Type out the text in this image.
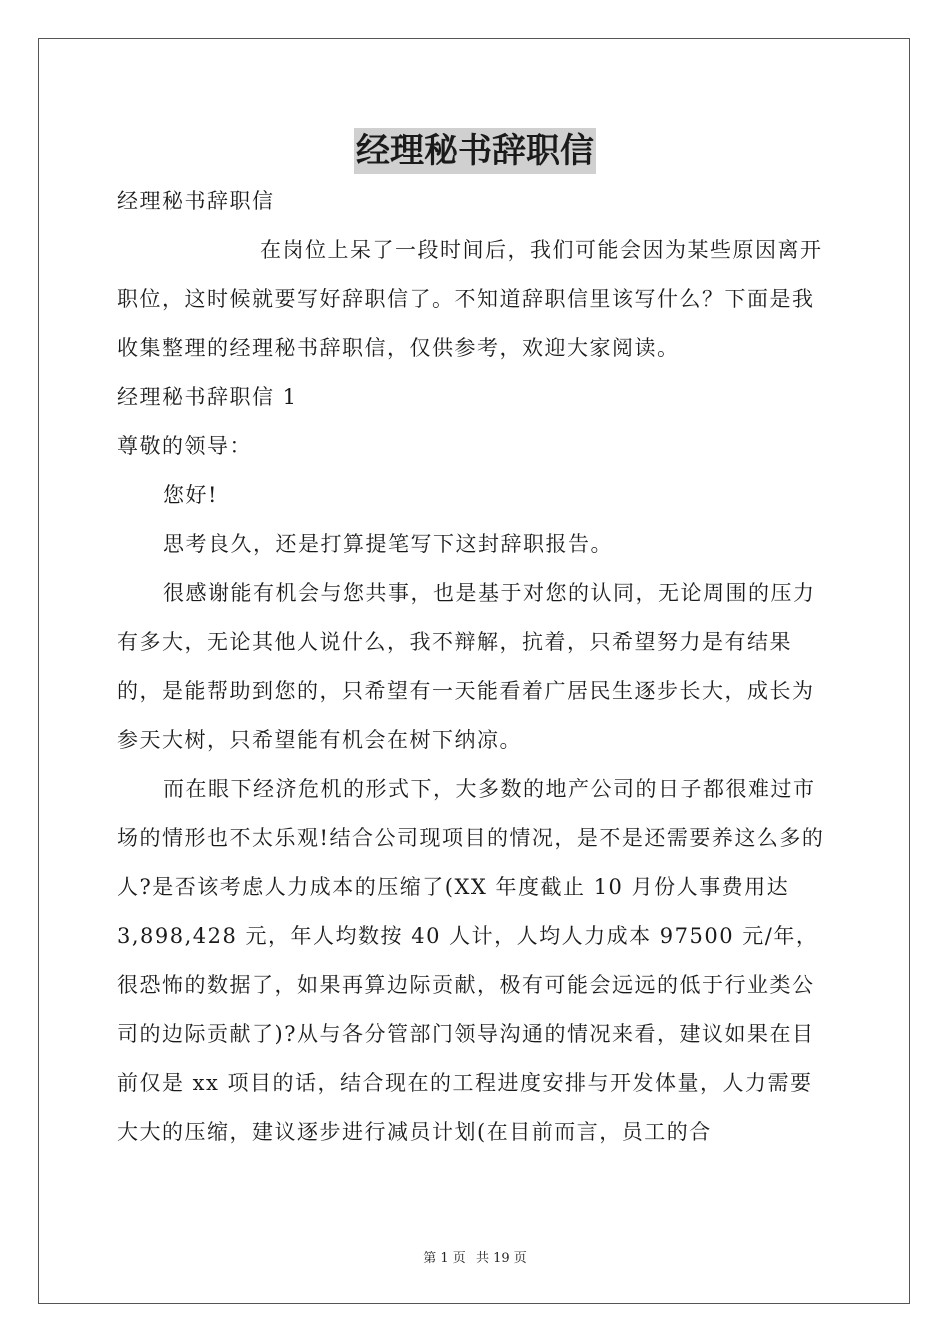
经理秘书辞职信

经理秘书辞职信

在岗位上呆了一段时间后，我们可能会因为某些原因离开职位，这时候就要写好辞职信了。不知道辞职信里该写什么？下面是我收集整理的经理秘书辞职信，仅供参考，欢迎大家阅读。

经理秘书辞职信 1

尊敬的领导：

您好!

思考良久，还是打算提笔写下这封辞职报告。

很感谢能有机会与您共事，也是基于对您的认同，无论周围的压力有多大，无论其他人说什么，我不辩解，抗着，只希望努力是有结果的，是能帮助到您的，只希望有一天能看着广居民生逐步长大，成长为参天大树，只希望能有机会在树下纳凉。

而在眼下经济危机的形式下，大多数的地产公司的日子都很难过市场的情形也不太乐观!结合公司现项目的情况，是不是还需要养这么多的人?是否该考虑人力成本的压缩了(XX 年度截止 10 月份人事费用达 3,898,428 元，年人均数按 40 人计，人均人力成本 97500 元/年，很恐怖的数据了，如果再算边际贡献，极有可能会远远的低于行业类公司的边际贡献了)?从与各分管部门领导沟通的情况来看，建议如果在目前仅是 xx 项目的话，结合现在的工程进度安排与开发体量，人力需要大大的压缩，建议逐步进行减员计划(在目前而言，员工的合

第 1 页 共 19 页
